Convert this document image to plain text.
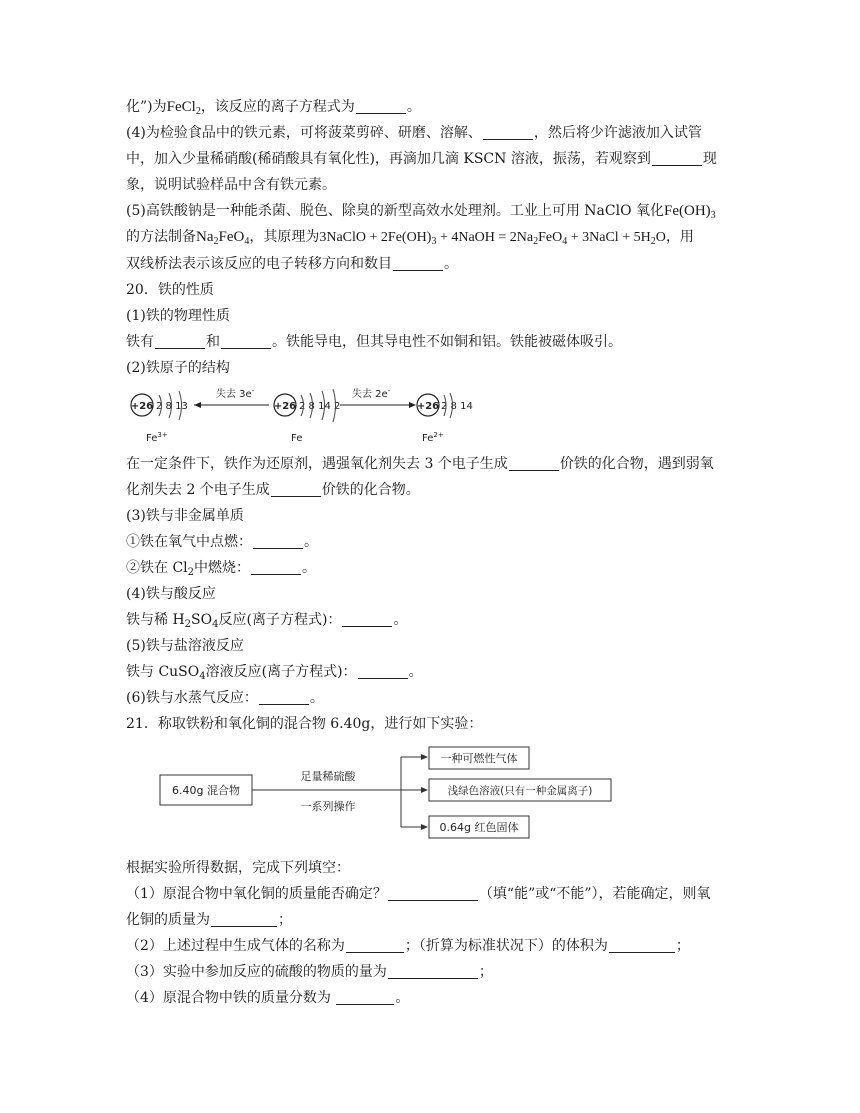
化”)为FeCl$_2$，该反应的离子方程式为	。
(4)为检验食品中的铁元素，可将菠菜剪碎、研磨、溶解、	，然后将少许滤液加入试管
中，加入少量稀硝酸(稀硝酸具有氧化性)，再滴加几滴 KSCN 溶液，振荡，若观察到	现
象，说明试验样品中含有铁元素。
(5)高铁酸钠是一种能杀菌、脱色、除臭的新型高效水处理剂。工业上可用 NaClO 氧化$Fe(OH)_3$
的方法制备$Na_2FeO_4$，其原理为3NaClO + $2Fe(OH)_3$ + 4NaOH = $2Na_2FeO_4$ + 3NaCl + $5H_2O$，用
双线桥法表示该反应的电子转移方向和数目	。
20．铁的性质
(1)铁的物理性质
铁有	和	。铁能导电，但其导电性不如铜和铝。铁能被磁体吸引。
(2)铁原子的结构
+26 2 8 13
$Fe^{3+}$
失去 3e-
+26 2 8 14 2
Fe
失去 2e-
+26 2 8 14
$Fe^{2+}$
在一定条件下，铁作为还原剂，遇强氧化剂失去 3 个电子生成	价铁的化合物，遇到弱氧
化剂失去 2 个电子生成	价铁的化合物。
(3)铁与非金属单质
①铁在氧气中点燃：	。
②铁在 $Cl_2$中燃烧：	。
(4)铁与酸反应
铁与稀 $H_2SO_4$反应(离子方程式)：	。
(5)铁与盐溶液反应
铁与 CuSO$_4$溶液反应(离子方程式)：	。
(6)铁与水蒸气反应：	。
21．称取铁粉和氧化铜的混合物 6.40g，进行如下实验：
6.40g 混合物
足量稀硫酸
一系列操作
一种可燃性气体
浅绿色溶液(只有一种金属离子)
0.64g 红色固体
根据实验所得数据，完成下列填空：
（1）原混合物中氧化铜的质量能否确定？	（填“能”或“不能”），若能确定，则氧
化铜的质量为	；
（2）上述过程中生成气体的名称为	；（折算为标准状况下）的体积为	；
（3）实验中参加反应的硫酸的物质的量为	；
（4）原混合物中铁的质量分数为	。
